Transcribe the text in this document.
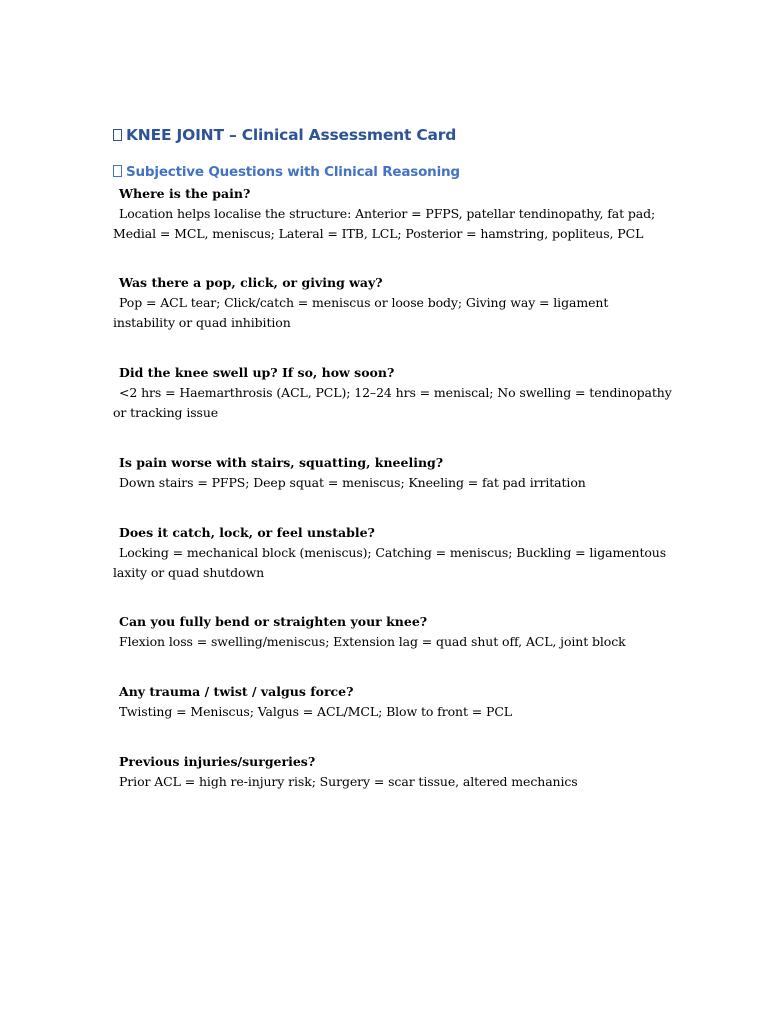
KNEE JOINT – Clinical Assessment Card
Subjective Questions with Clinical Reasoning
Where is the pain?
Location helps localise the structure: Anterior = PFPS, patellar tendinopathy, fat pad; Medial = MCL, meniscus; Lateral = ITB, LCL; Posterior = hamstring, popliteus, PCL
Was there a pop, click, or giving way?
Pop = ACL tear; Click/catch = meniscus or loose body; Giving way = ligament instability or quad inhibition
Did the knee swell up? If so, how soon?
<2 hrs = Haemarthrosis (ACL, PCL); 12–24 hrs = meniscal; No swelling = tendinopathy or tracking issue
Is pain worse with stairs, squatting, kneeling?
Down stairs = PFPS; Deep squat = meniscus; Kneeling = fat pad irritation
Does it catch, lock, or feel unstable?
Locking = mechanical block (meniscus); Catching = meniscus; Buckling = ligamentous laxity or quad shutdown
Can you fully bend or straighten your knee?
Flexion loss = swelling/meniscus; Extension lag = quad shut off, ACL, joint block
Any trauma / twist / valgus force?
Twisting = Meniscus; Valgus = ACL/MCL; Blow to front = PCL
Previous injuries/surgeries?
Prior ACL = high re-injury risk; Surgery = scar tissue, altered mechanics
